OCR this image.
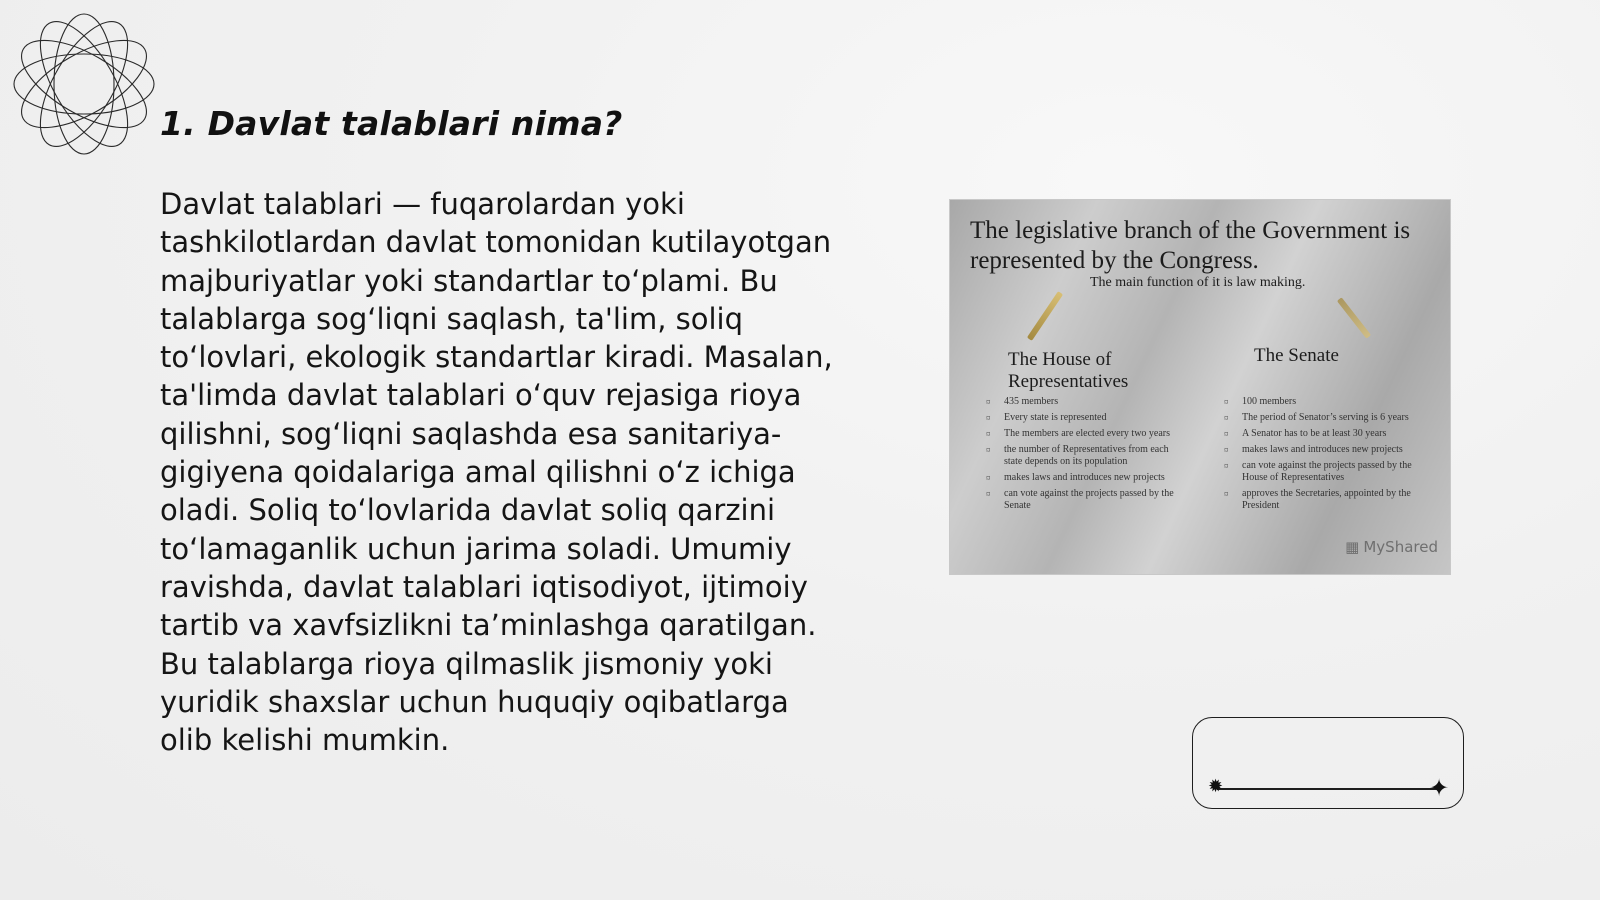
1. Davlat talablari nima?

Davlat talablari — fuqarolardan yoki tashkilotlardan davlat tomonidan kutilayotgan majburiyatlar yoki standartlar to‘plami. Bu talablarga sog‘liqni saqlash, ta'lim, soliq to‘lovlari, ekologik standartlar kiradi. Masalan, ta'limda davlat talablari o‘quv rejasiga rioya qilishni, sog‘liqni saqlashda esa sanitariya-gigiyena qoidalariga amal qilishni o‘z ichiga oladi. Soliq to‘lovlarida davlat soliq qarzini to‘lamaganlik uchun jarima soladi. Umumiy ravishda, davlat talablari iqtisodiyot, ijtimoiy tartib va xavfsizlikni ta’minlashga qaratilgan. Bu talablarga rioya qilmaslik jismoniy yoki yuridik shaxslar uchun huquqiy oqibatlarga olib kelishi mumkin.

The legislative branch of the Government is represented by the Congress.
The main function of it is law making.
The House of Representatives
The Senate
¤ 435 members
¤ Every state is represented
¤ The members are elected every two years
¤ the number of Representatives from each state depends on its population
¤ makes laws and introduces new projects
¤ can vote against the projects passed by the Senate
¤ 100 members
¤ The period of Senator’s serving is 6 years
¤ A Senator has to be at least 30 years
¤ makes laws and introduces new projects
¤ can vote against the projects passed by the House of Representatives
¤ approves the Secretaries, appointed by the President
▦ MyShared
✹	✦
